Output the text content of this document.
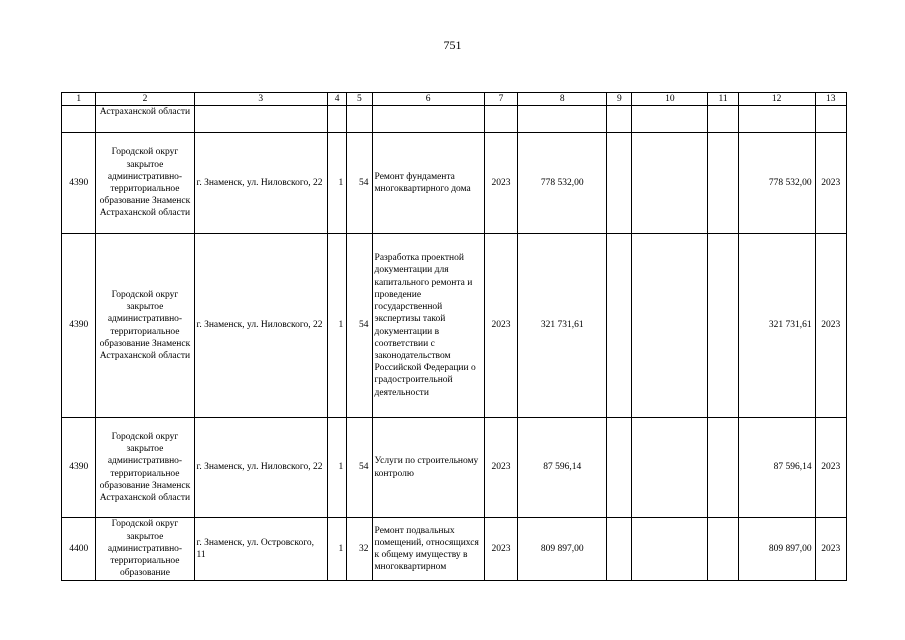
751
1	2	3	4	5	6	7	8	9	10	11	12	13
	Астраханской области											
4390	Городской округ закрытое административно-территориальное образование Знаменск Астраханской области	г. Знаменск, ул. Ниловского, 22	1	54	Ремонт фундамента многоквартирного дома	2023	778 532,00				778 532,00	2023
4390	Городской округ закрытое административно-территориальное образование Знаменск Астраханской области	г. Знаменск, ул. Ниловского, 22	1	54	Разработка проектной документации для капитального ремонта и проведение государственной экспертизы такой документации в соответствии с законодательством Российской Федерации о градостроительной деятельности	2023	321 731,61				321 731,61	2023
4390	Городской округ закрытое административно-территориальное образование Знаменск Астраханской области	г. Знаменск, ул. Ниловского, 22	1	54	Услуги по строительному контролю	2023	87 596,14				87 596,14	2023
4400	Городской округ закрытое административно-территориальное образование	г. Знаменск, ул. Островского, 11	1	32	Ремонт подвальных помещений, относящихся к общему имуществу в многоквартирном	2023	809 897,00				809 897,00	2023
